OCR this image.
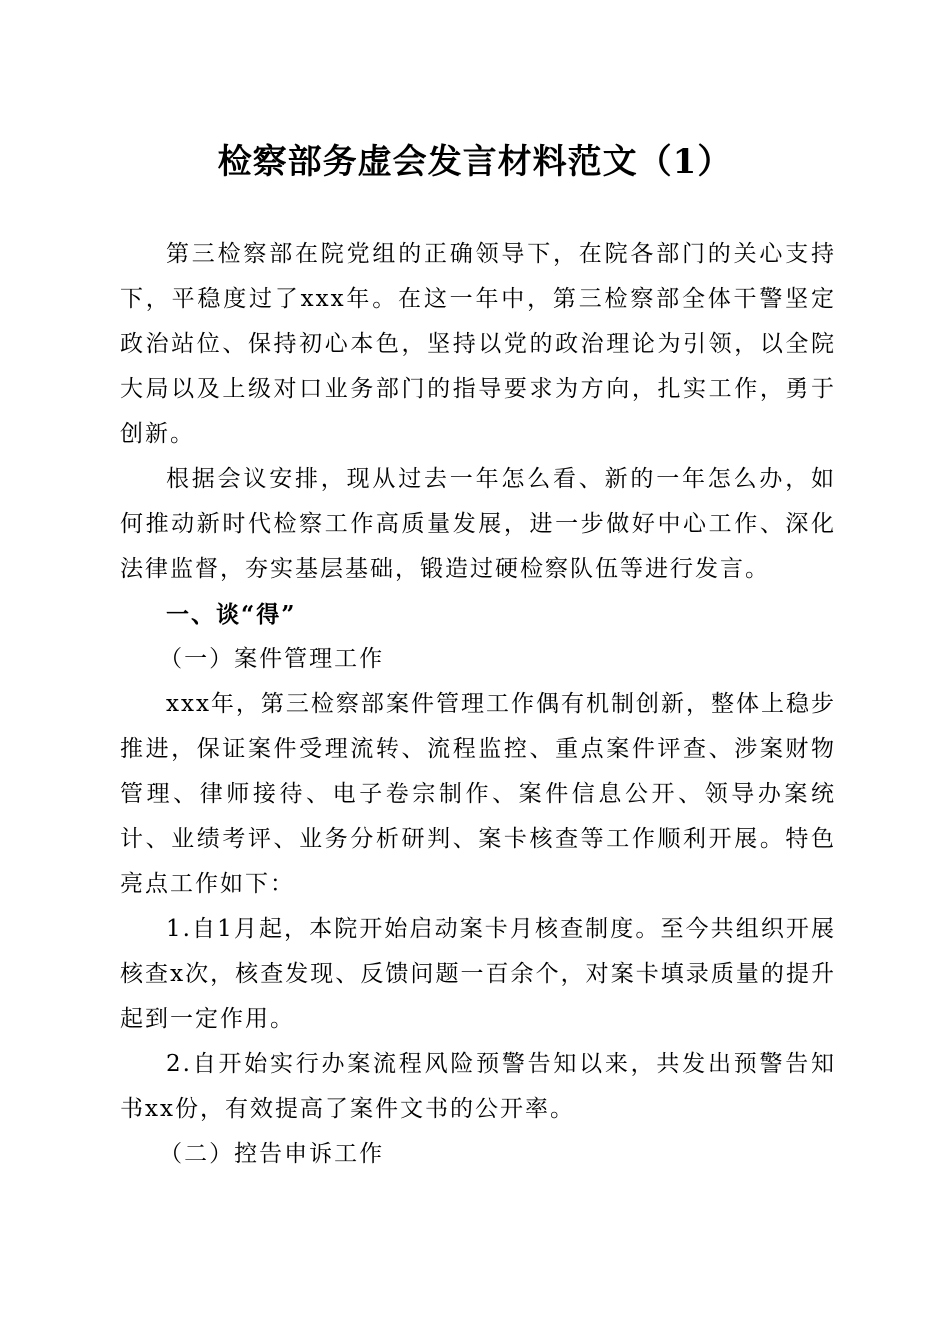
检察部务虚会发言材料范文（1）

第三检察部在院党组的正确领导下，在院各部门的关心支持下，平稳度过了xxx年。在这一年中，第三检察部全体干警坚定政治站位、保持初心本色，坚持以党的政治理论为引领，以全院大局以及上级对口业务部门的指导要求为方向，扎实工作，勇于创新。

根据会议安排，现从过去一年怎么看、新的一年怎么办，如何推动新时代检察工作高质量发展，进一步做好中心工作、深化法律监督，夯实基层基础，锻造过硬检察队伍等进行发言。

一、谈“得”
（一）案件管理工作

xxx年，第三检察部案件管理工作偶有机制创新，整体上稳步推进，保证案件受理流转、流程监控、重点案件评查、涉案财物管理、律师接待、电子卷宗制作、案件信息公开、领导办案统计、业绩考评、业务分析研判、案卡核查等工作顺利开展。特色亮点工作如下：

1.自1月起，本院开始启动案卡月核查制度。至今共组织开展核查x次，核查发现、反馈问题一百余个，对案卡填录质量的提升起到一定作用。

2.自开始实行办案流程风险预警告知以来，共发出预警告知书xx份，有效提高了案件文书的公开率。

（二）控告申诉工作
